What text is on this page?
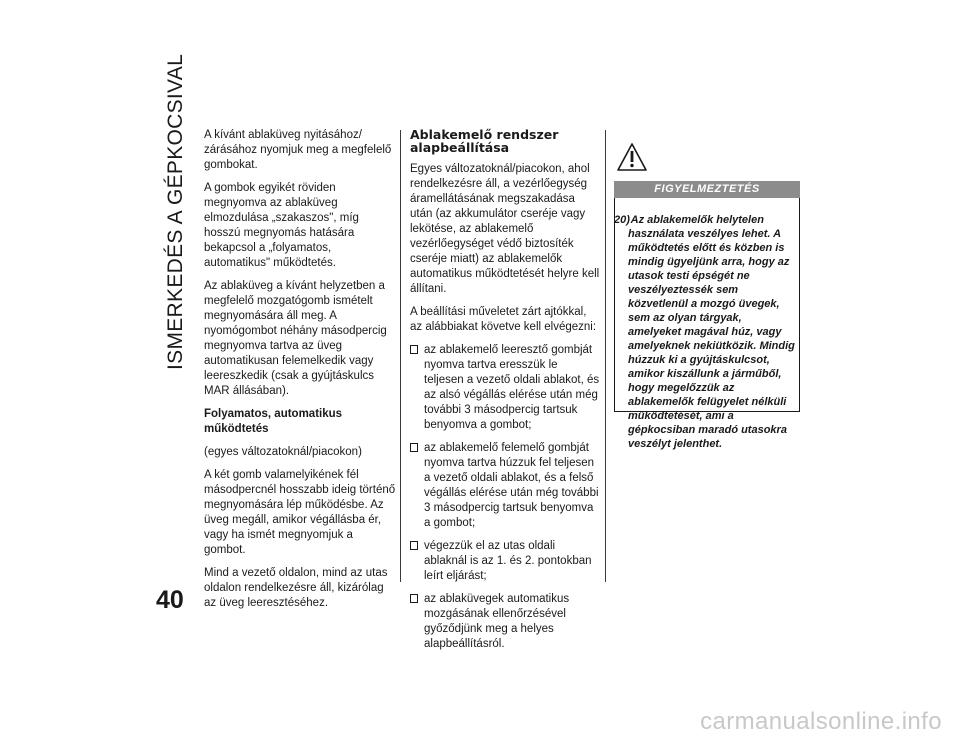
ISMERKEDÉS A GÉPKOCSIVAL
40

A kívánt ablaküveg nyitásához/ zárásához nyomjuk meg a megfelelő gombokat.

A gombok egyikét röviden megnyomva az ablaküveg elmozdulása „szakaszos", míg hosszú megnyomás hatására bekapcsol a „folyamatos, automatikus" működtetés.

Az ablaküveg a kívánt helyzetben a megfelelő mozgatógomb ismételt megnyomására áll meg. A nyomógombot néhány másodpercig megnyomva tartva az üveg automatikusan felemelkedik vagy leereszkedik (csak a gyújtáskulcs MAR állásában).

Folyamatos, automatikus működtetés

(egyes változatoknál/piacokon)

A két gomb valamelyikének fél másodpercnél hosszabb ideig történő megnyomására lép működésbe. Az üveg megáll, amikor végállásba ér, vagy ha ismét megnyomjuk a gombot.

Mind a vezető oldalon, mind az utas oldalon rendelkezésre áll, kizárólag az üveg leeresztéséhez.

Ablakemelő rendszer alapbeállítása

Egyes változatoknál/piacokon, ahol rendelkezésre áll, a vezérlőegység áramellátásának megszakadása után (az akkumulátor cseréje vagy lekötése, az ablakemelő vezérlőegységet védő biztosíték cseréje miatt) az ablakemelők automatikus működtetését helyre kell állítani.

A beállítási műveletet zárt ajtókkal, az alábbiakat követve kell elvégezni:

az ablakemelő leeresztő gombját nyomva tartva eresszük le teljesen a vezető oldali ablakot, és az alsó végállás elérése után még további 3 másodpercig tartsuk benyomva a gombot;
az ablakemelő felemelő gombját nyomva tartva húzzuk fel teljesen a vezető oldali ablakot, és a felső végállás elérése után még további 3 másodpercig tartsuk benyomva a gombot;
végezzük el az utas oldali ablaknál is az 1. és 2. pontokban leírt eljárást;
az ablaküvegek automatikus mozgásának ellenőrzésével győződjünk meg a helyes alapbeállításról.
FIGYELMEZTETÉS
20) Az ablakemelők helytelen használata veszélyes lehet. A működtetés előtt és közben is mindig ügyeljünk arra, hogy az utasok testi épségét ne veszélyeztessék sem közvetlenül a mozgó üvegek, sem az olyan tárgyak, amelyeket magával húz, vagy amelyeknek nekiütközik. Mindig húzzuk ki a gyújtáskulcsot, amikor kiszállunk a járműből, hogy megelőzzük az ablakemelők felügyelet nélküli működtetését, ami a gépkocsiban maradó utasokra veszélyt jelenthet.
carmanualsonline.info
